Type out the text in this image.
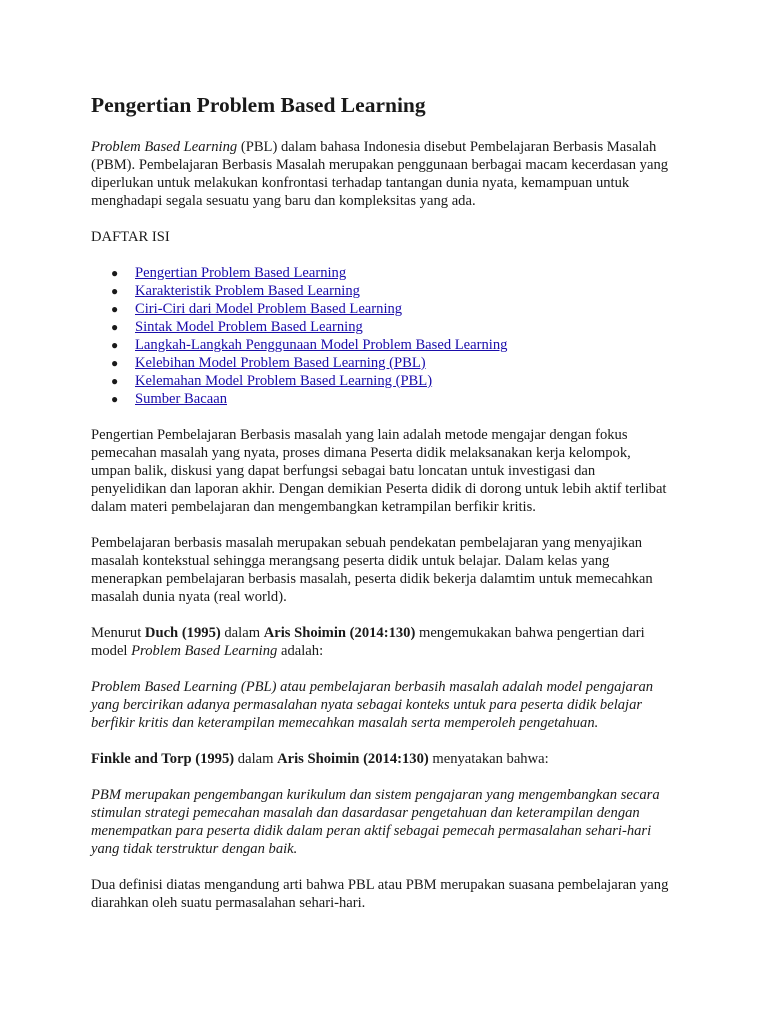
Pengertian Problem Based Learning

Problem Based Learning (PBL) dalam bahasa Indonesia disebut Pembelajaran Berbasis Masalah (PBM). Pembelajaran Berbasis Masalah merupakan penggunaan berbagai macam kecerdasan yang diperlukan untuk melakukan konfrontasi terhadap tantangan dunia nyata, kemampuan untuk menghadapi segala sesuatu yang baru dan kompleksitas yang ada.

DAFTAR ISI

● Pengertian Problem Based Learning
● Karakteristik Problem Based Learning
● Ciri-Ciri dari Model Problem Based Learning
● Sintak Model Problem Based Learning
● Langkah-Langkah Penggunaan Model Problem Based Learning
● Kelebihan Model Problem Based Learning (PBL)
● Kelemahan Model Problem Based Learning (PBL)
● Sumber Bacaan

Pengertian Pembelajaran Berbasis masalah yang lain adalah metode mengajar dengan fokus pemecahan masalah yang nyata, proses dimana Peserta didik melaksanakan kerja kelompok, umpan balik, diskusi yang dapat berfungsi sebagai batu loncatan untuk investigasi dan penyelidikan dan laporan akhir. Dengan demikian Peserta didik di dorong untuk lebih aktif terlibat dalam materi pembelajaran dan mengembangkan ketrampilan berfikir kritis.

Pembelajaran berbasis masalah merupakan sebuah pendekatan pembelajaran yang menyajikan masalah kontekstual sehingga merangsang peserta didik untuk belajar. Dalam kelas yang menerapkan pembelajaran berbasis masalah, peserta didik bekerja dalamtim untuk memecahkan masalah dunia nyata (real world).

Menurut Duch (1995) dalam Aris Shoimin (2014:130) mengemukakan bahwa pengertian dari model Problem Based Learning adalah:

Problem Based Learning (PBL) atau pembelajaran berbasih masalah adalah model pengajaran yang bercirikan adanya permasalahan nyata sebagai konteks untuk para peserta didik belajar berfikir kritis dan keterampilan memecahkan masalah serta memperoleh pengetahuan.

Finkle and Torp (1995) dalam Aris Shoimin (2014:130) menyatakan bahwa:

PBM merupakan pengembangan kurikulum dan sistem pengajaran yang mengembangkan secara stimulan strategi pemecahan masalah dan dasardasar pengetahuan dan keterampilan dengan menempatkan para peserta didik dalam peran aktif sebagai pemecah permasalahan sehari-hari yang tidak terstruktur dengan baik.

Dua definisi diatas mengandung arti bahwa PBL atau PBM merupakan suasana pembelajaran yang diarahkan oleh suatu permasalahan sehari-hari.
